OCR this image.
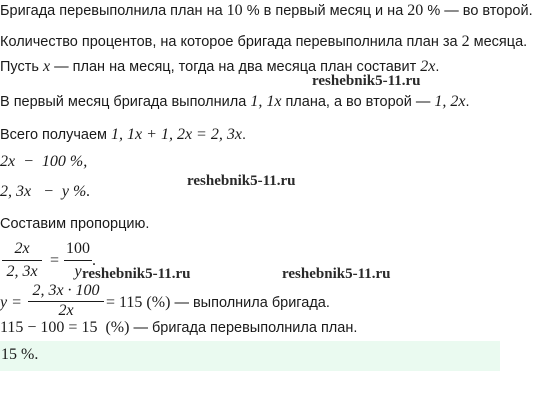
Бригада перевыполнила план на 10 % в первый месяц и на 20 % — во второй.
Количество процентов, на которое бригада перевыполнила план за 2 месяца.
Пусть x — план на месяц, тогда на два месяца план составит 2x.
reshebnik5-11.ru
В первый месяц бригада выполнила 1, 1x плана, а во второй — 1, 2x.
Всего получаем 1, 1x + 1, 2x = 2, 3x.
2x  −  100 %,
2, 3x   −  y %.
reshebnik5-11.ru
Составим пропорцию.
2x
2, 3x
=
100
y
.
reshebnik5-11.ru	reshebnik5-11.ru
y =
2, 3x · 100
2x	= 115 (%) — выполнила бригада.
115 − 100 = 15  (%) — бригада перевыполнила план.
15 %.
